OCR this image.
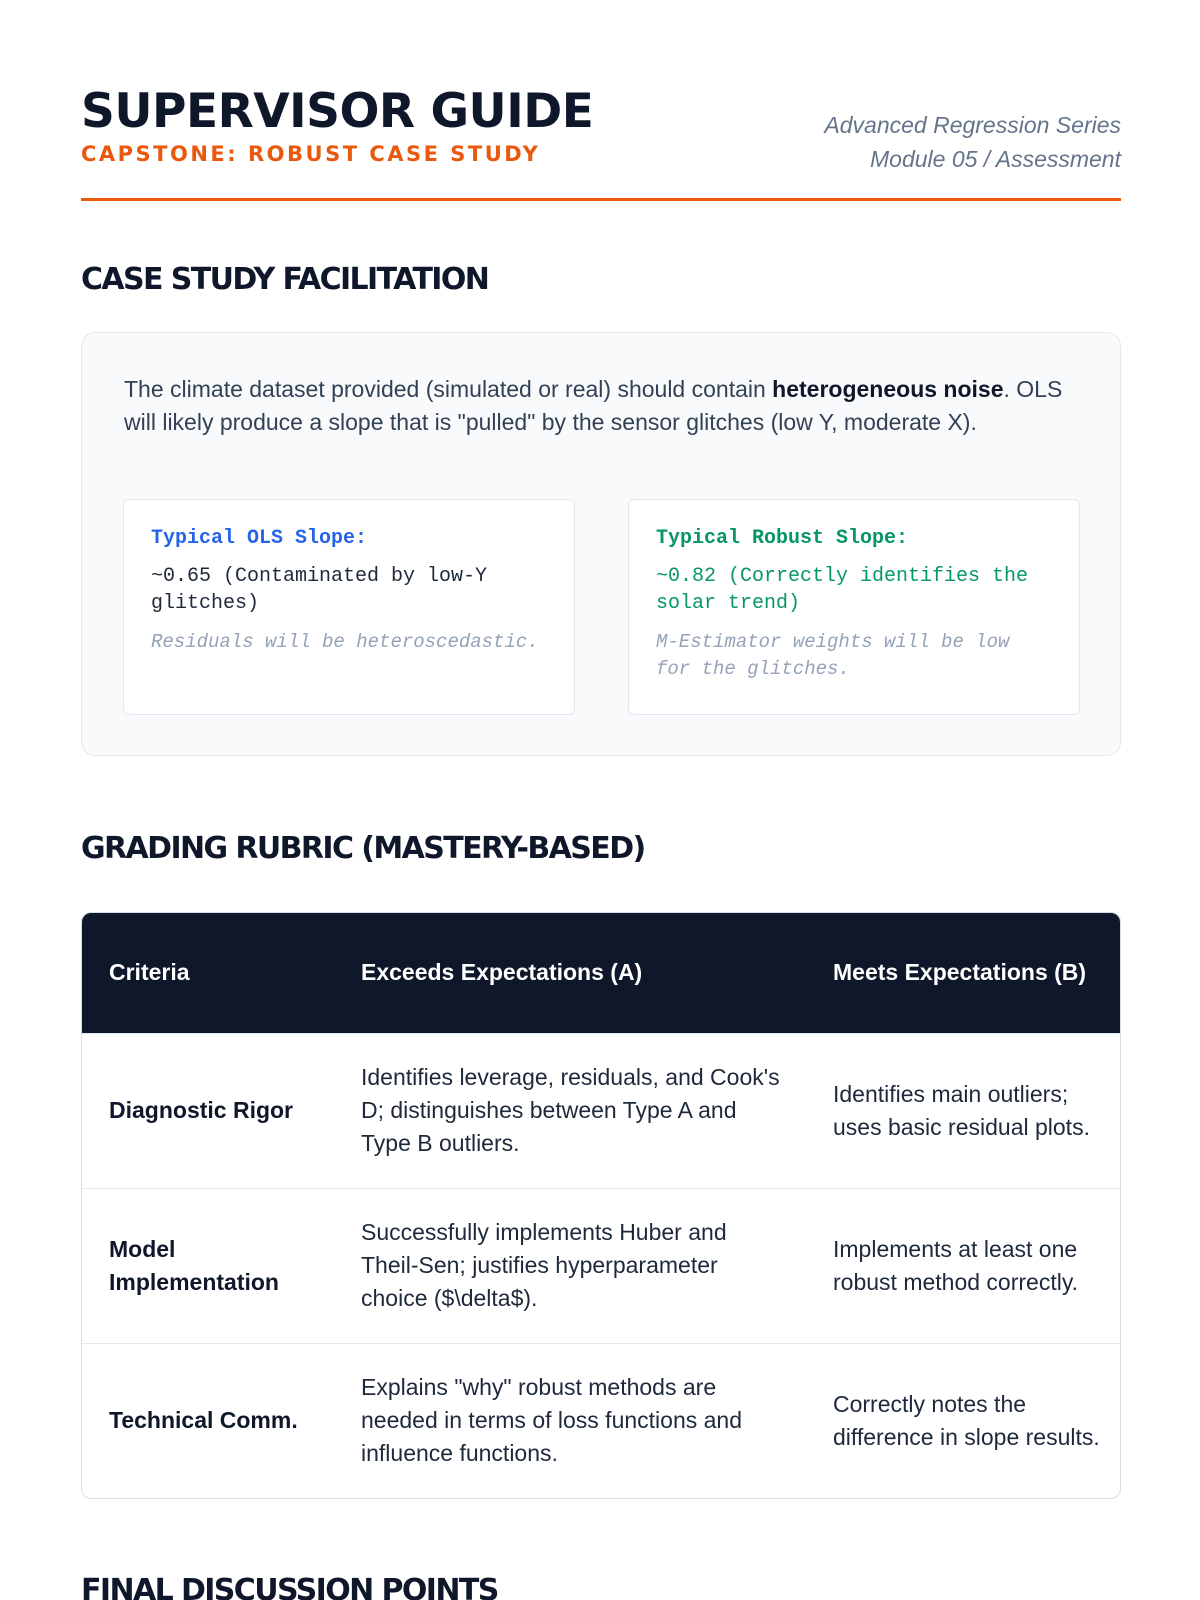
SUPERVISOR GUIDE
CAPSTONE: ROBUST CASE STUDY
Advanced Regression Series
Module 05 / Assessment
CASE STUDY FACILITATION

The climate dataset provided (simulated or real) should contain heterogeneous noise. OLS will likely produce a slope that is "pulled" by the sensor glitches (low Y, moderate X).

Typical OLS Slope:
~0.65 (Contaminated by low-Y glitches)
Residuals will be heteroscedastic.
Typical Robust Slope:
~0.82 (Correctly identifies the solar trend)
M-Estimator weights will be low for the glitches.
GRADING RUBRIC (MASTERY-BASED)
Criteria	Exceeds Expectations (A)	Meets Expectations (B)
Diagnostic Rigor	Identifies leverage, residuals, and Cook's D; distinguishes between Type A and Type B outliers.	Identifies main outliers; uses basic residual plots.
Model Implementation	Successfully implements Huber and Theil-Sen; justifies hyperparameter choice ($\delta$).	Implements at least one robust method correctly.
Technical Comm.	Explains "why" robust methods are needed in terms of loss functions and influence functions.	Correctly notes the difference in slope results.
FINAL DISCUSSION POINTS
